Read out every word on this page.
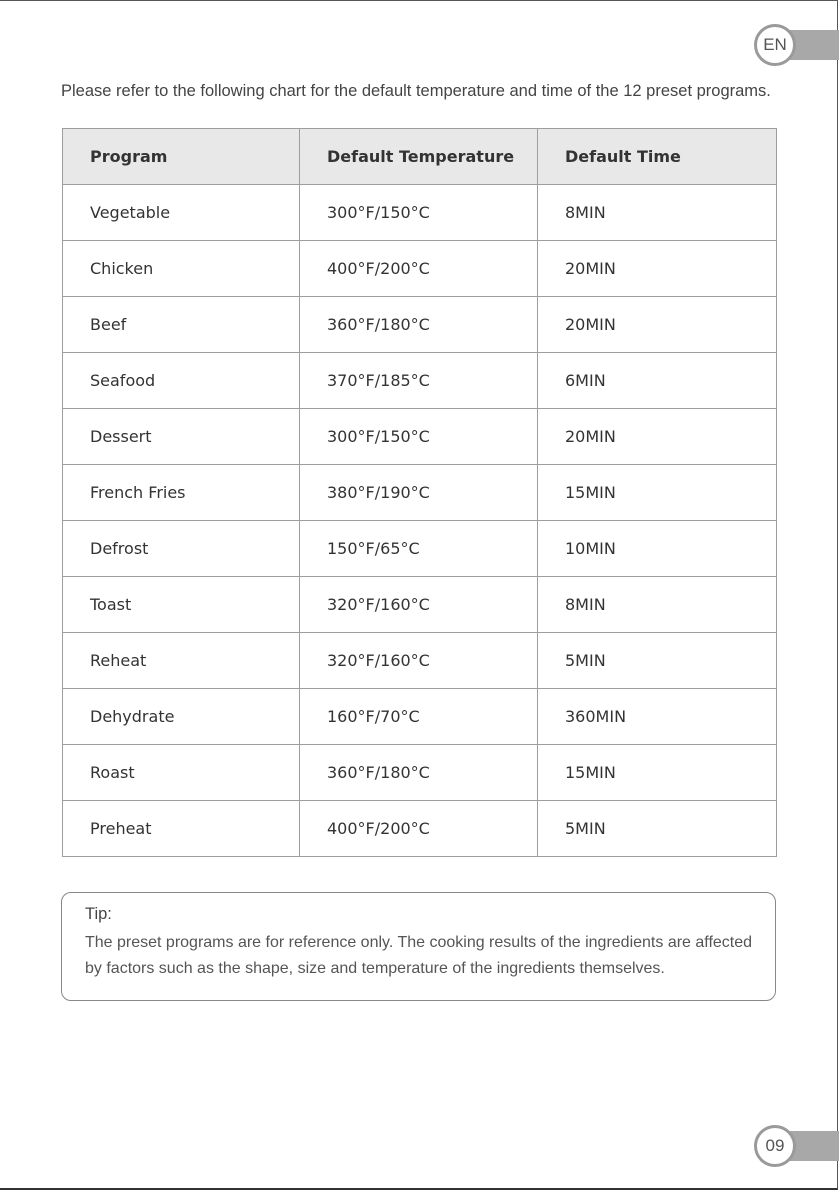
EN
Please refer to the following chart for the default temperature and time of the 12 preset programs.
Program	Default Temperature	Default Time
Vegetable	300°F/150°C	8MIN
Chicken	400°F/200°C	20MIN
Beef	360°F/180°C	20MIN
Seafood	370°F/185°C	6MIN
Dessert	300°F/150°C	20MIN
French Fries	380°F/190°C	15MIN
Defrost	150°F/65°C	10MIN
Toast	320°F/160°C	8MIN
Reheat	320°F/160°C	5MIN
Dehydrate	160°F/70°C	360MIN
Roast	360°F/180°C	15MIN
Preheat	400°F/200°C	5MIN
Tip:
The preset programs are for reference only. The cooking results of the ingredients are affected by factors such as the shape, size and temperature of the ingredients themselves.
09
